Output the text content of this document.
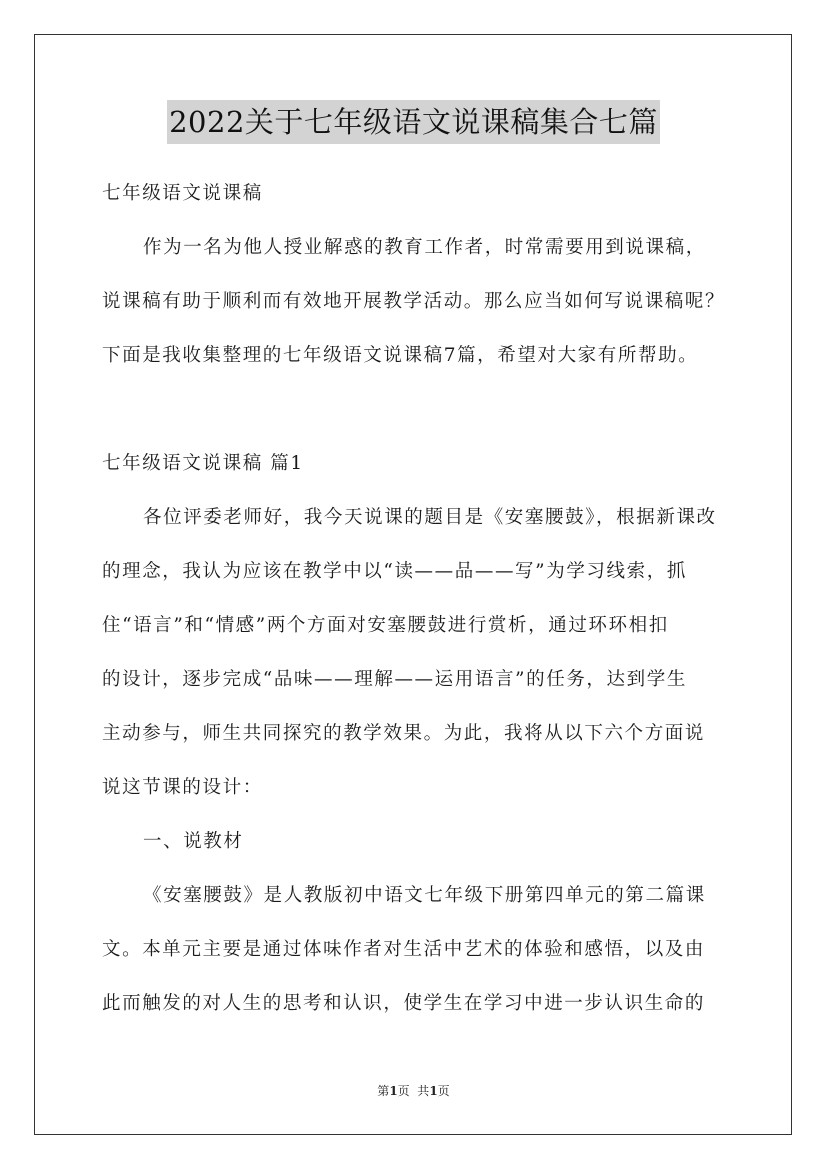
2022关于七年级语文说课稿集合七篇
七年级语文说课稿
作为一名为他人授业解惑的教育工作者，时常需要用到说课稿，
说课稿有助于顺利而有效地开展教学活动。那么应当如何写说课稿呢？
下面是我收集整理的七年级语文说课稿7篇，希望对大家有所帮助。
七年级语文说课稿 篇1
各位评委老师好，我今天说课的题目是《安塞腰鼓》，根据新课改
的理念，我认为应该在教学中以“读——品——写”为学习线索，抓
住“语言”和“情感”两个方面对安塞腰鼓进行赏析，通过环环相扣
的设计，逐步完成“品味——理解——运用语言”的任务，达到学生
主动参与，师生共同探究的教学效果。为此，我将从以下六个方面说
说这节课的设计：
一、说教材
《安塞腰鼓》是人教版初中语文七年级下册第四单元的第二篇课
文。本单元主要是通过体味作者对生活中艺术的体验和感悟，以及由
此而触发的对人生的思考和认识，使学生在学习中进一步认识生命的
第1页  共1页
